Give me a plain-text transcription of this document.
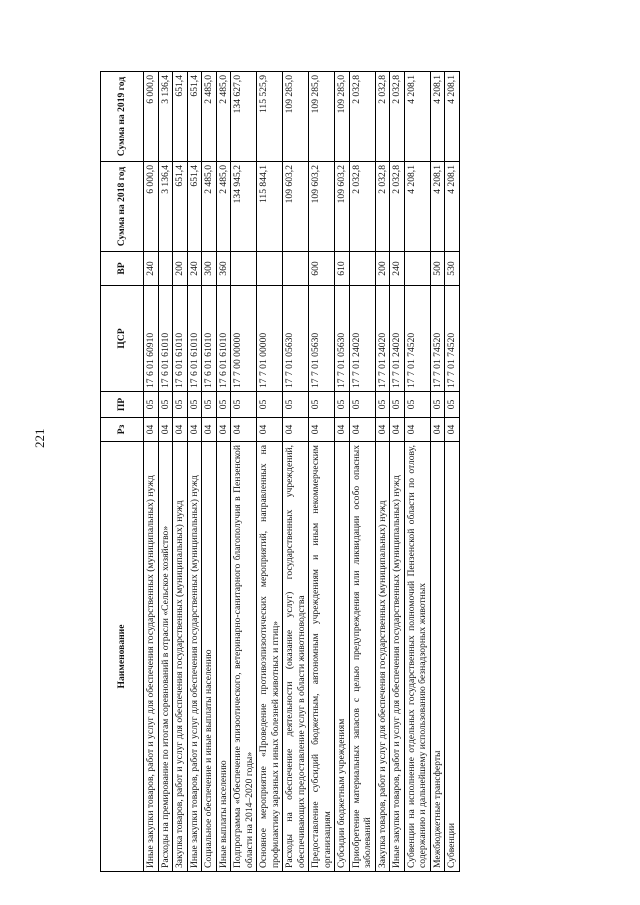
221
Наименование	Рз	ПР	ЦСР	ВР	Сумма на 2018 год	Сумма на 2019 год
Иные закупки товаров, работ и услуг для обеспечения государственных (муниципальных) нужд	04	05	17 6 01 60910	240	6 000,0	6 000,0
Расходы на премирование по итогам соревнований в отрасли «Сельское хозяйство»	04	05	17 6 01 61010		3 136,4	3 136,4
Закупка товаров, работ и услуг для обеспечения государственных (муниципальных) нужд	04	05	17 6 01 61010	200	651,4	651,4
Иные закупки товаров, работ и услуг для обеспечения государственных (муниципальных) нужд	04	05	17 6 01 61010	240	651,4	651,4
Социальное обеспечение и иные выплаты населению	04	05	17 6 01 61010	300	2 485,0	2 485,0
Иные выплаты населению	04	05	17 6 01 61010	360	2 485,0	2 485,0
Подпрограмма «Обеспечение эпизоотического, ветеринарно-санитарного благополучия в Пензенской области на 2014–2020 годы»	04	05	17 7 00 00000		134 945,2	134 627,0
Основное мероприятие «Проведение противоэпизоотических мероприятий, направленных на профилактику заразных и иных болезней животных и птиц»	04	05	17 7 01 00000		115 844,1	115 525,9
Расходы на обеспечение деятельности (оказание услуг) государственных учреждений, обеспечивающих предоставление услуг в области животноводства	04	05	17 7 01 05630		109 603,2	109 285,0
Предоставление субсидий бюджетным, автономным учреждениям и иным некоммерческим организациям	04	05	17 7 01 05630	600	109 603,2	109 285,0
Субсидии бюджетным учреждениям	04	05	17 7 01 05630	610	109 603,2	109 285,0
Приобретение материальных запасов с целью предупреждения или ликвидации особо опасных заболеваний	04	05	17 7 01 24020		2 032,8	2 032,8
Закупка товаров, работ и услуг для обеспечения государственных (муниципальных) нужд	04	05	17 7 01 24020	200	2 032,8	2 032,8
Иные закупки товаров, работ и услуг для обеспечения государственных (муниципальных) нужд	04	05	17 7 01 24020	240	2 032,8	2 032,8
Субвенции на исполнение отдельных государственных полномочий Пензенской области по отлову, содержанию и дальнейшему использованию безнадзорных животных	04	05	17 7 01 74520		4 208,1	4 208,1
Межбюджетные трансферты	04	05	17 7 01 74520	500	4 208,1	4 208,1
Субвенции	04	05	17 7 01 74520	530	4 208,1	4 208,1
